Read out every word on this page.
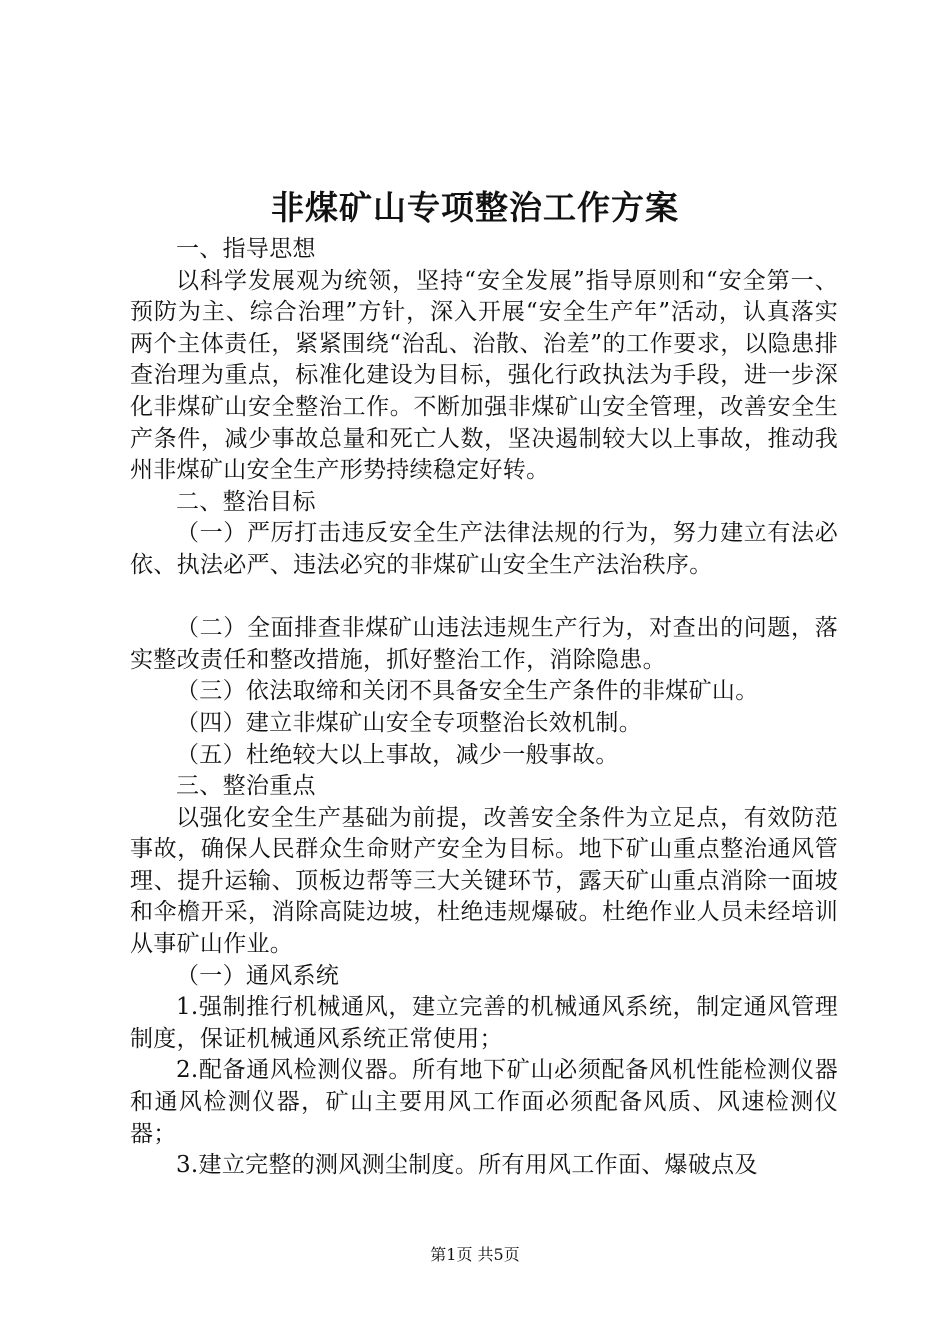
非煤矿山专项整治工作方案

一、指导思想

以科学发展观为统领，坚持“安全发展”指导原则和“安全第一、预防为主、综合治理”方针，深入开展“安全生产年”活动，认真落实两个主体责任，紧紧围绕“治乱、治散、治差”的工作要求，以隐患排查治理为重点，标准化建设为目标，强化行政执法为手段，进一步深化非煤矿山安全整治工作。不断加强非煤矿山安全管理，改善安全生产条件，减少事故总量和死亡人数，坚决遏制较大以上事故，推动我州非煤矿山安全生产形势持续稳定好转。

二、整治目标

（一）严厉打击违反安全生产法律法规的行为，努力建立有法必依、执法必严、违法必究的非煤矿山安全生产法治秩序。

（二）全面排查非煤矿山违法违规生产行为，对查出的问题，落实整改责任和整改措施，抓好整治工作，消除隐患。

（三）依法取缔和关闭不具备安全生产条件的非煤矿山。

（四）建立非煤矿山安全专项整治长效机制。

（五）杜绝较大以上事故，减少一般事故。

三、整治重点

以强化安全生产基础为前提，改善安全条件为立足点，有效防范事故，确保人民群众生命财产安全为目标。地下矿山重点整治通风管理、提升运输、顶板边帮等三大关键环节，露天矿山重点消除一面坡和伞檐开采，消除高陡边坡，杜绝违规爆破。杜绝作业人员未经培训从事矿山作业。

（一）通风系统

1.强制推行机械通风，建立完善的机械通风系统，制定通风管理制度，保证机械通风系统正常使用；

2.配备通风检测仪器。所有地下矿山必须配备风机性能检测仪器和通风检测仪器，矿山主要用风工作面必须配备风质、风速检测仪器；

3.建立完整的测风测尘制度。所有用风工作面、爆破点及

第1页 共5页
